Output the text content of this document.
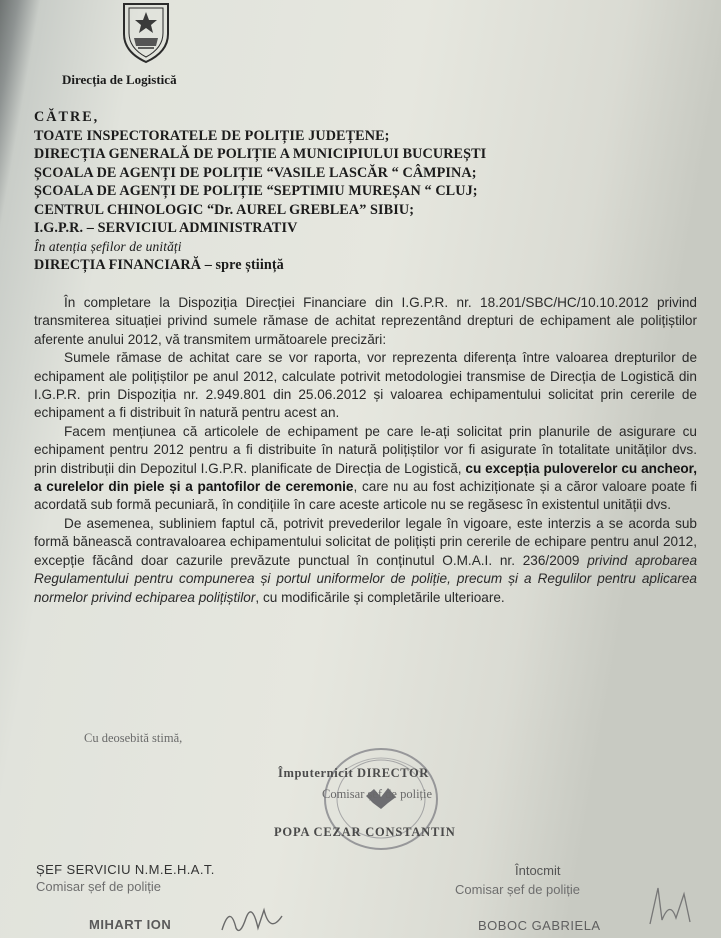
Direcția de Logistică
CĂTRE,
TOATE INSPECTORATELE DE POLIȚIE JUDEȚENE;
DIRECȚIA GENERALĂ DE POLIȚIE A MUNICIPIULUI BUCUREȘTI
ȘCOALA DE AGENȚI DE POLIȚIE “VASILE LASCĂR “ CÂMPINA;
ȘCOALA DE AGENȚI DE POLIȚIE “SEPTIMIU MUREȘAN “ CLUJ;
CENTRUL CHINOLOGIC “Dr. AUREL GREBLEA” SIBIU;
I.G.P.R. – SERVICIUL ADMINISTRATIV
În atenția șefilor de unități
DIRECȚIA FINANCIARĂ – spre știință

În completare la Dispoziția Direcției Financiare din I.G.P.R. nr. 18.201/SBC/HC/10.10.2012 privind transmiterea situației privind sumele rămase de achitat reprezentând drepturi de echipament ale polițiștilor aferente anului 2012, vă transmitem următoarele precizări:

Sumele rămase de achitat care se vor raporta, vor reprezenta diferența între valoarea drepturilor de echipament ale polițiștilor pe anul 2012, calculate potrivit metodologiei transmise de Direcția de Logistică din I.G.P.R. prin Dispoziția nr. 2.949.801 din 25.06.2012 și valoarea echipamentului solicitat prin cererile de echipament a fi distribuit în natură pentru acest an.

Facem mențiunea că articolele de echipament pe care le-ați solicitat prin planurile de asigurare cu echipament pentru 2012 pentru a fi distribuite în natură polițiștilor vor fi asigurate în totalitate unităților dvs. prin distribuții din Depozitul I.G.P.R. planificate de Direcția de Logistică, cu excepția puloverelor cu ancheor, a curelelor din piele și a pantofilor de ceremonie, care nu au fost achiziționate și a căror valoare poate fi acordată sub formă pecuniară, în condițiile în care aceste articole nu se regăsesc în existentul unității dvs.

De asemenea, subliniem faptul că, potrivit prevederilor legale în vigoare, este interzis a se acorda sub formă bănească contravaloarea echipamentului solicitat de polițiști prin cererile de echipare pentru anul 2012, excepție făcând doar cazurile prevăzute punctual în conținutul O.M.A.I. nr. 236/2009 privind aprobarea Regulamentului pentru compunerea și portul uniformelor de poliție, precum și a Regulilor pentru aplicarea normelor privind echiparea polițiștilor, cu modificările și completările ulterioare.

Cu deosebită stimă,
Împuternicit DIRECTOR
Comisar șef de poliție
POPA CEZAR CONSTANTIN
ȘEF SERVICIU N.M.E.H.A.T.
Comisar șef de poliție
MIHART ION
Întocmit
Comisar șef de poliție
BOBOC GABRIELA
